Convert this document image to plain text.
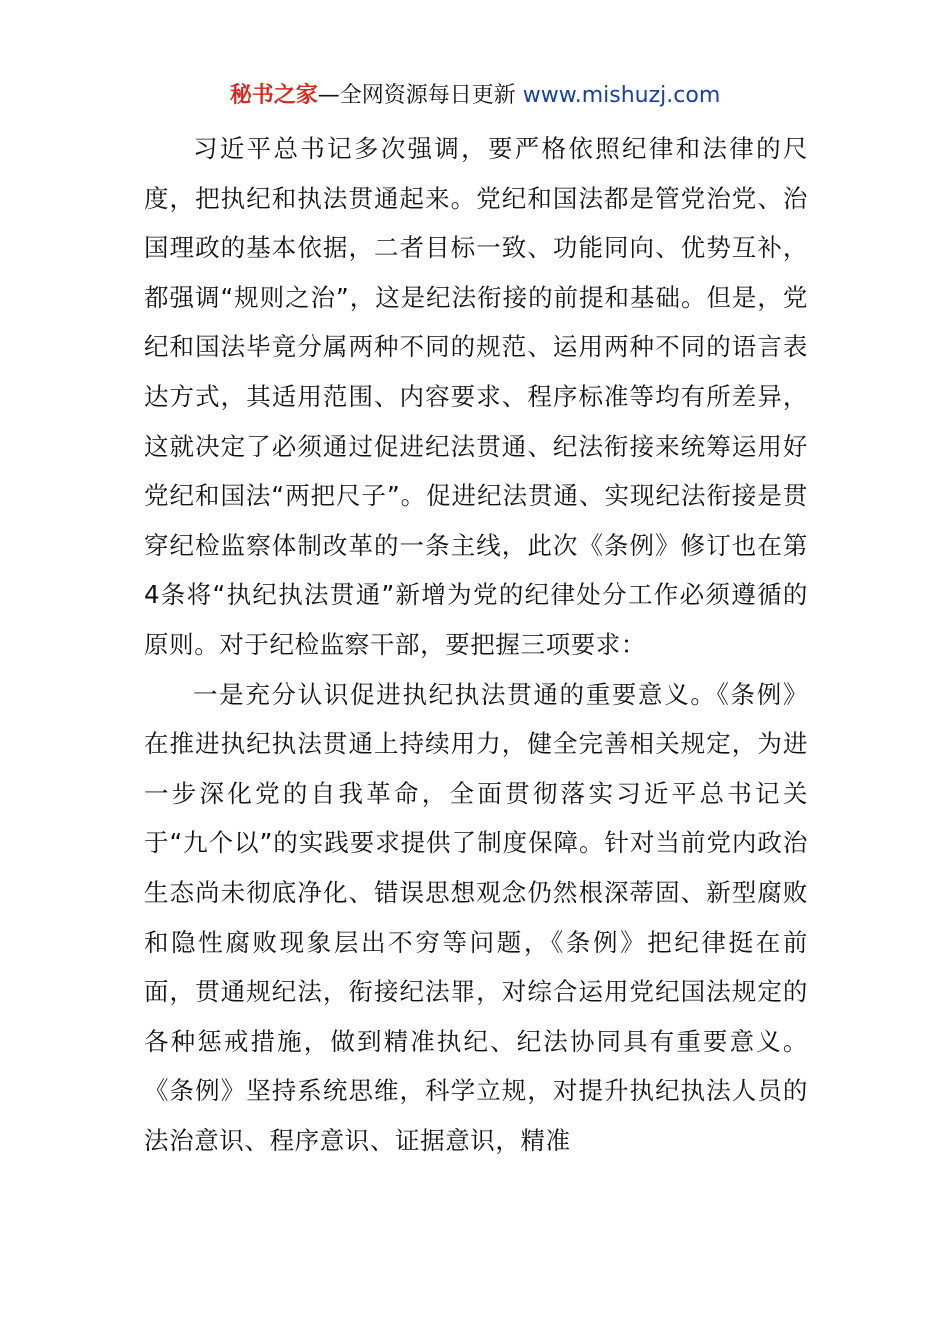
秘书之家—全网资源每日更新 www.mishuzj.com

习近平总书记多次强调，要严格依照纪律和法律的尺度，把执纪和执法贯通起来。党纪和国法都是管党治党、治国理政的基本依据，二者目标一致、功能同向、优势互补，都强调“规则之治”，这是纪法衔接的前提和基础。但是，党纪和国法毕竟分属两种不同的规范、运用两种不同的语言表达方式，其适用范围、内容要求、程序标准等均有所差异，这就决定了必须通过促进纪法贯通、纪法衔接来统筹运用好党纪和国法“两把尺子”。促进纪法贯通、实现纪法衔接是贯穿纪检监察体制改革的一条主线，此次《条例》修订也在第4条将“执纪执法贯通”新增为党的纪律处分工作必须遵循的原则。对于纪检监察干部，要把握三项要求：

一是充分认识促进执纪执法贯通的重要意义。《条例》在推进执纪执法贯通上持续用力，健全完善相关规定，为进一步深化党的自我革命，全面贯彻落实习近平总书记关于“九个以”的实践要求提供了制度保障。针对当前党内政治生态尚未彻底净化、错误思想观念仍然根深蒂固、新型腐败和隐性腐败现象层出不穷等问题，《条例》把纪律挺在前面，贯通规纪法，衔接纪法罪，对综合运用党纪国法规定的各种惩戒措施，做到精准执纪、纪法协同具有重要意义。《条例》坚持系统思维，科学立规，对提升执纪执法人员的法治意识、程序意识、证据意识，精准
